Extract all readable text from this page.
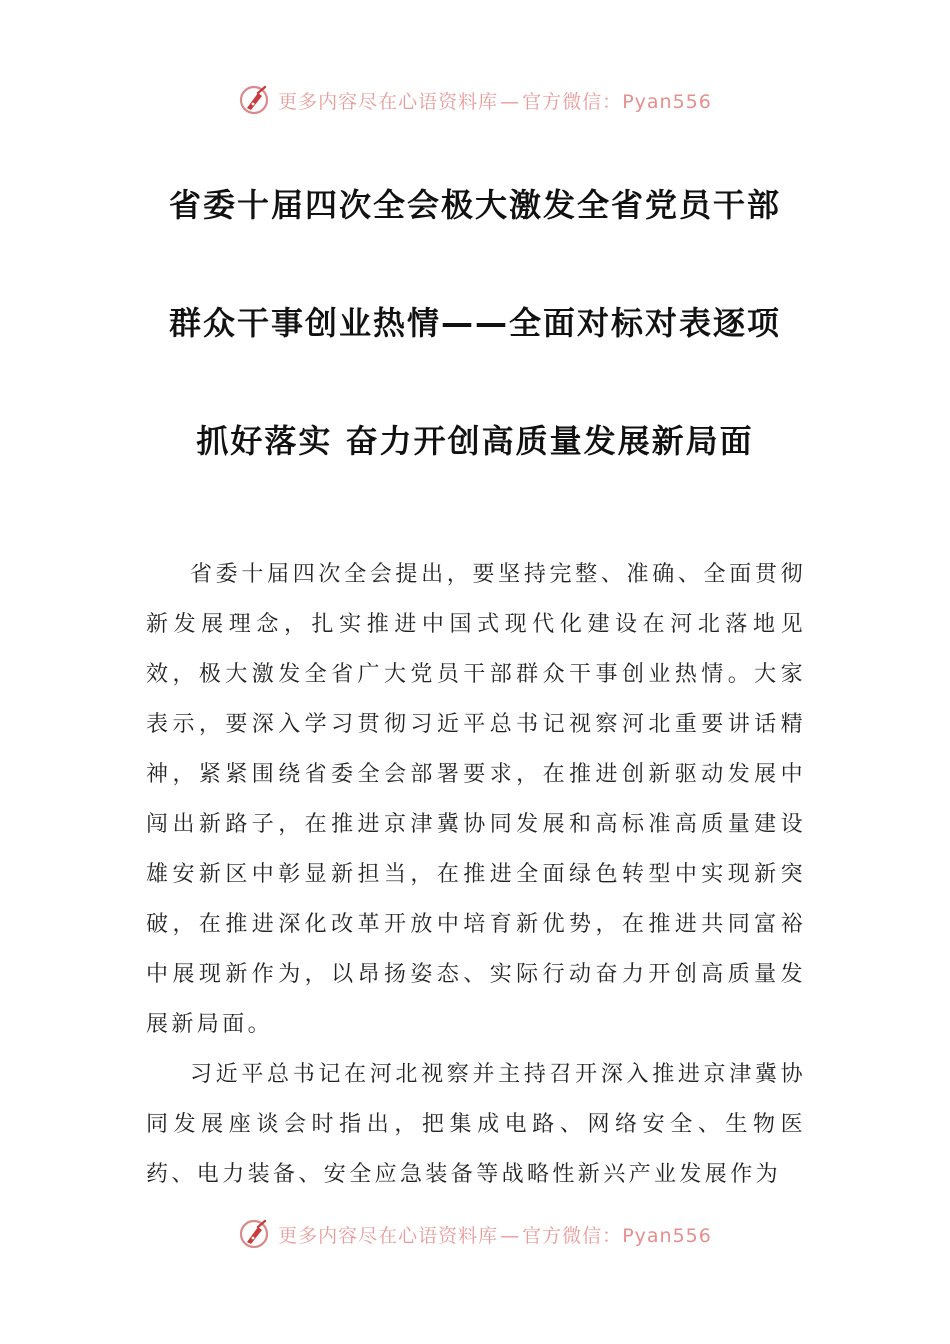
更多内容尽在心语资料库 — 官方微信：Pyan556
省委十届四次全会极大激发全省党员干部
群众干事创业热情——全面对标对表逐项
抓好落实 奋力开创高质量发展新局面

省委十届四次全会提出，要坚持完整、准确、全面贯彻新发展理念，扎实推进中国式现代化建设在河北落地见效，极大激发全省广大党员干部群众干事创业热情。大家表示，要深入学习贯彻习近平总书记视察河北重要讲话精神，紧紧围绕省委全会部署要求，在推进创新驱动发展中闯出新路子，在推进京津冀协同发展和高标准高质量建设雄安新区中彰显新担当，在推进全面绿色转型中实现新突破，在推进深化改革开放中培育新优势，在推进共同富裕中展现新作为，以昂扬姿态、实际行动奋力开创高质量发展新局面。

习近平总书记在河北视察并主持召开深入推进京津冀协同发展座谈会时指出，把集成电路、网络安全、生物医药、电力装备、安全应急装备等战略性新兴产业发展作为

更多内容尽在心语资料库 — 官方微信：Pyan556
